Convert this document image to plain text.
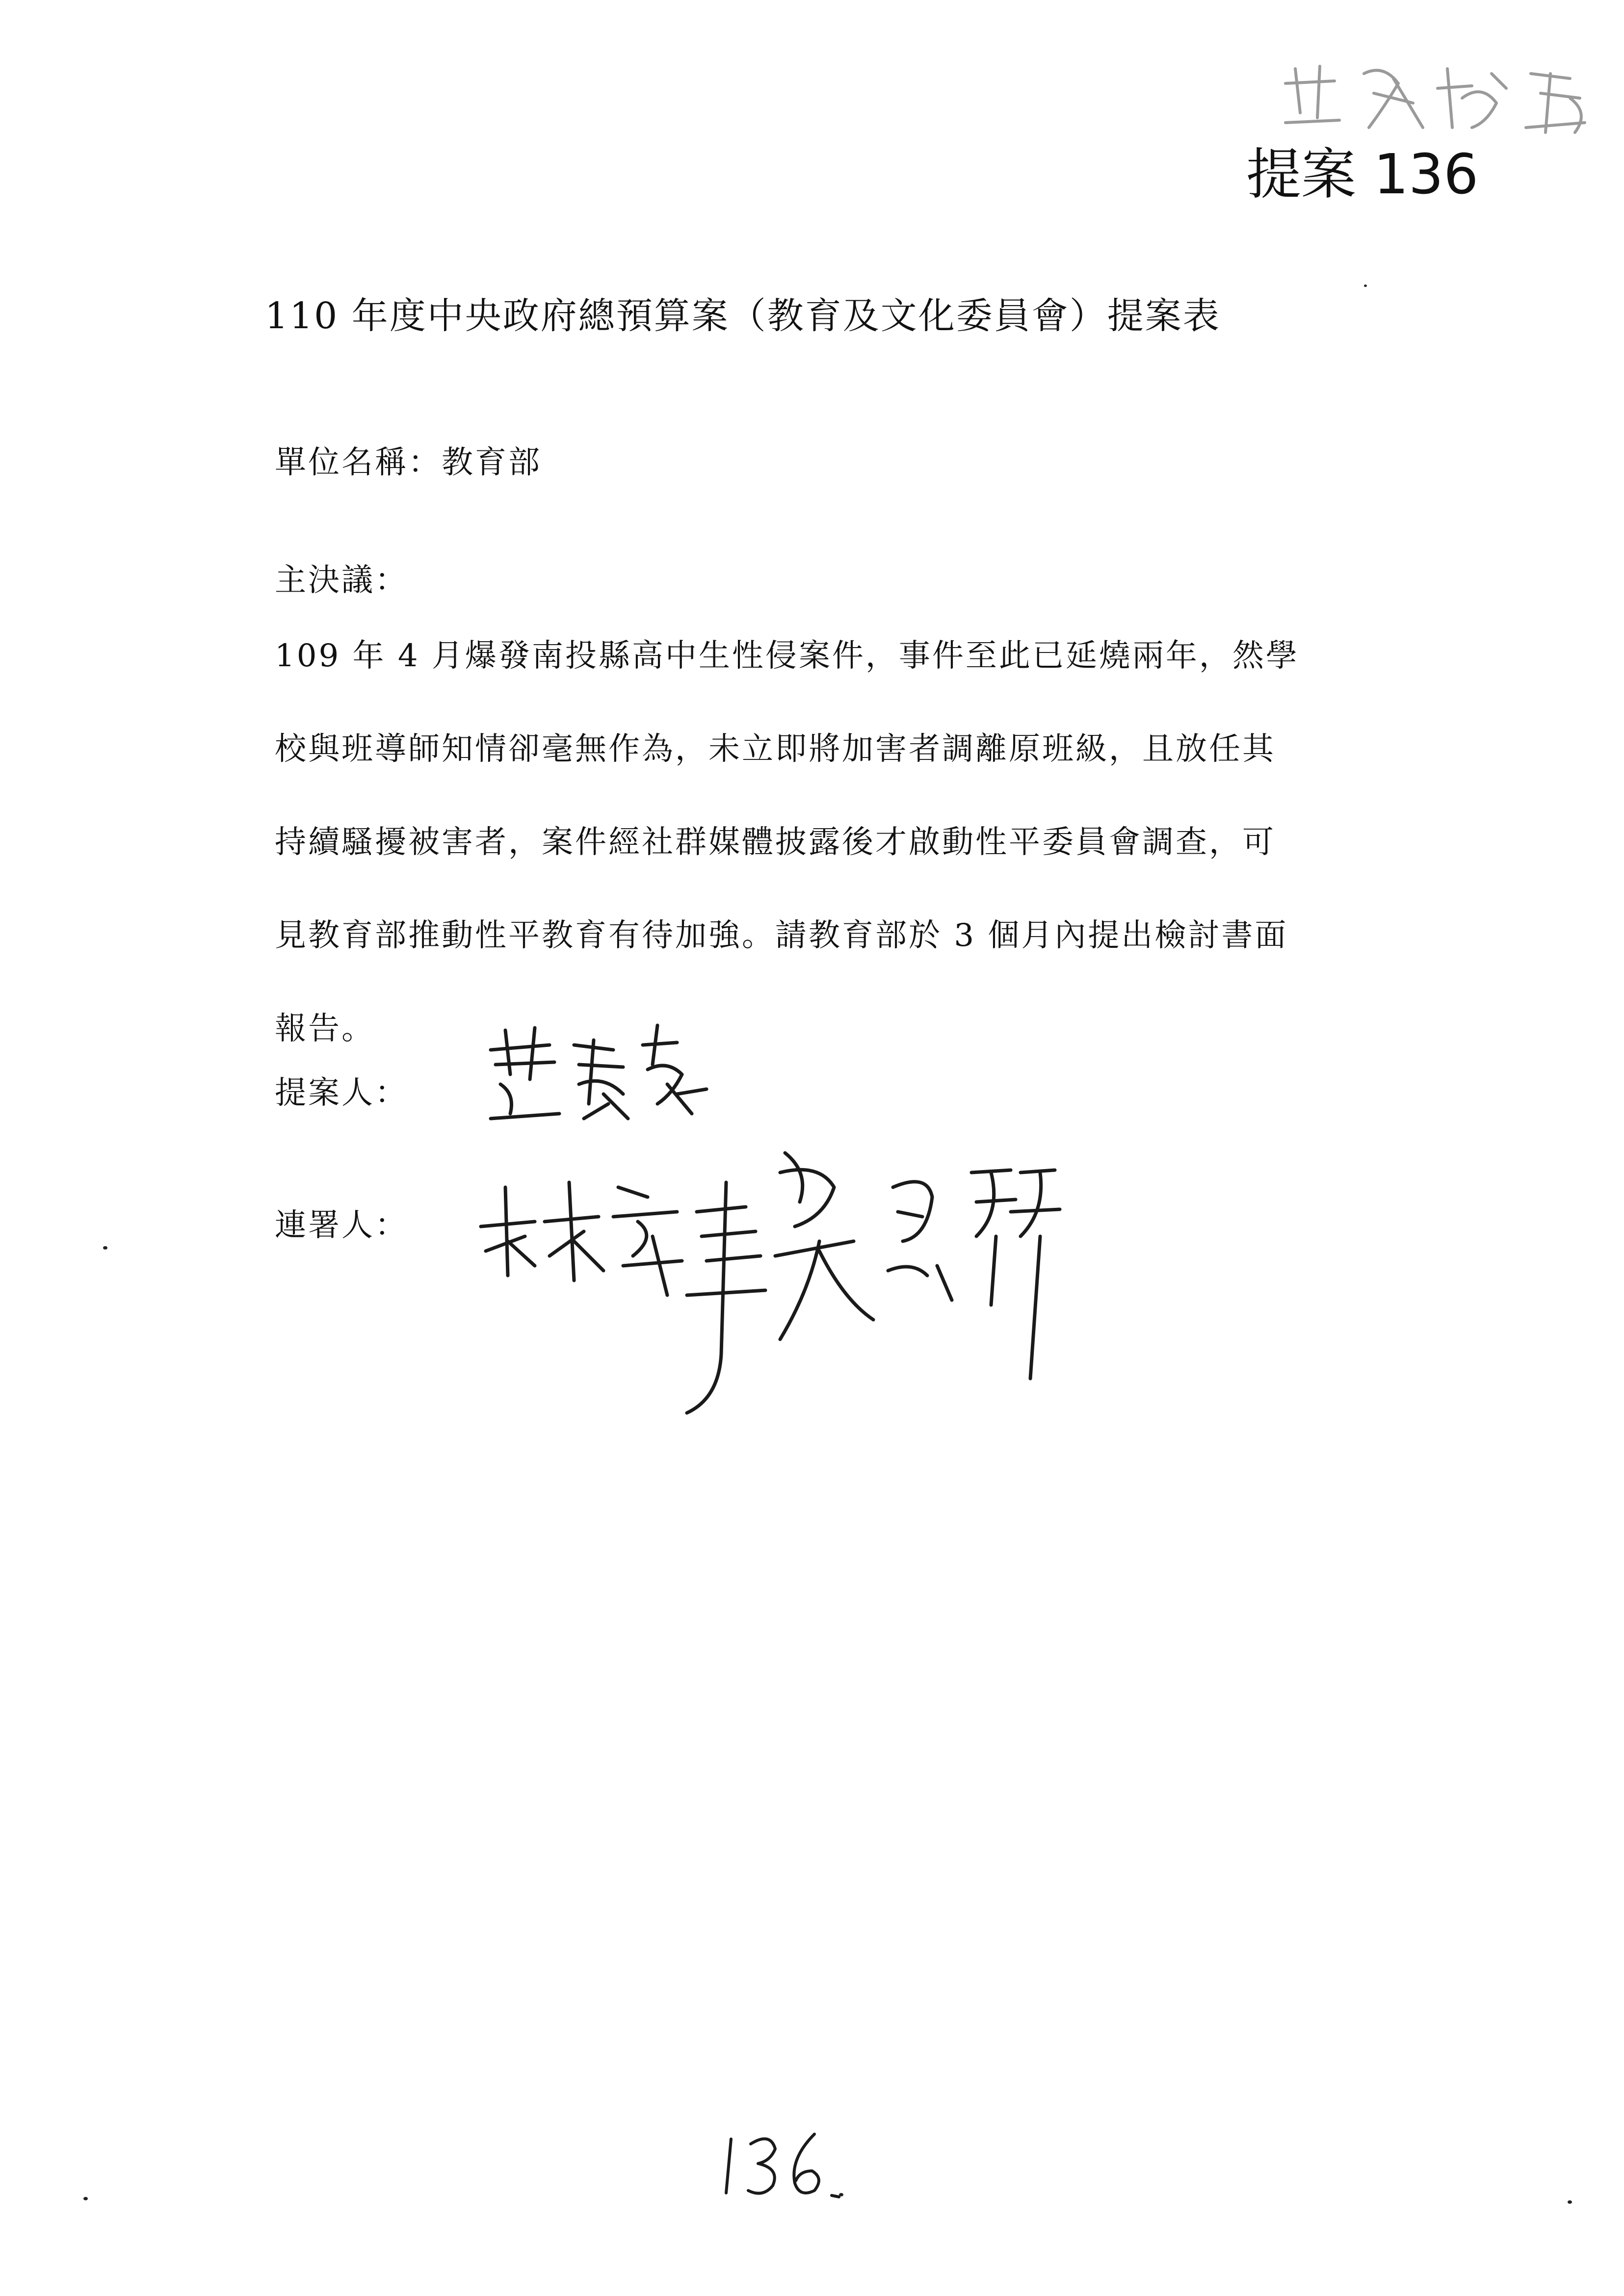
葛如鈞
提案 136
110 年度中央政府總預算案（教育及文化委員會）提案表
單位名稱：教育部
主決議：
109 年 4 月爆發南投縣高中生性侵案件，事件至此已延燒兩年，然學
校與班導師知情卻毫無作為，未立即將加害者調離原班級，且放任其
持續騷擾被害者，案件經社群媒體披露後才啟動性平委員會調查，可
見教育部推動性平教育有待加強。請教育部於 3 個月內提出檢討書面
報告。
提案人：
萬美玲
連署人：
林奕華
吳思瑤
136
